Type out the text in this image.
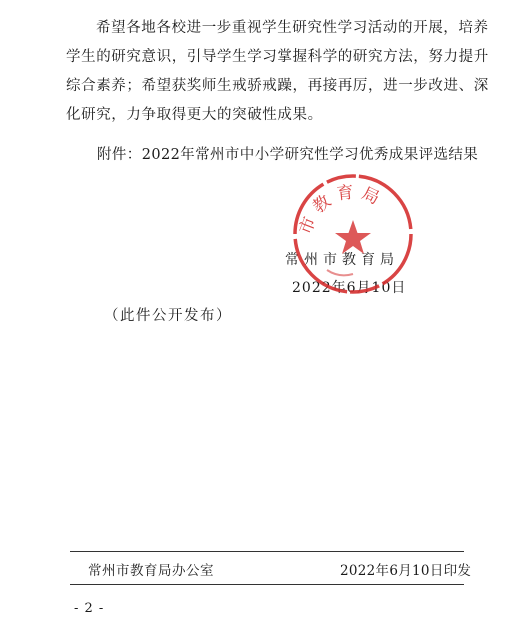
希望各地各校进一步重视学生研究性学习活动的开展，培养
学生的研究意识，引导学生学习掌握科学的研究方法，努力提升
综合素养；希望获奖师生戒骄戒躁，再接再厉，进一步改进、深
化研究，力争取得更大的突破性成果。
附件：2022年常州市中小学研究性学习优秀成果评选结果
常州市教育局
2022年6月10日
市教育局
（此件公开发布）
常州市教育局办公室	2022年6月10日印发
- 2 -
